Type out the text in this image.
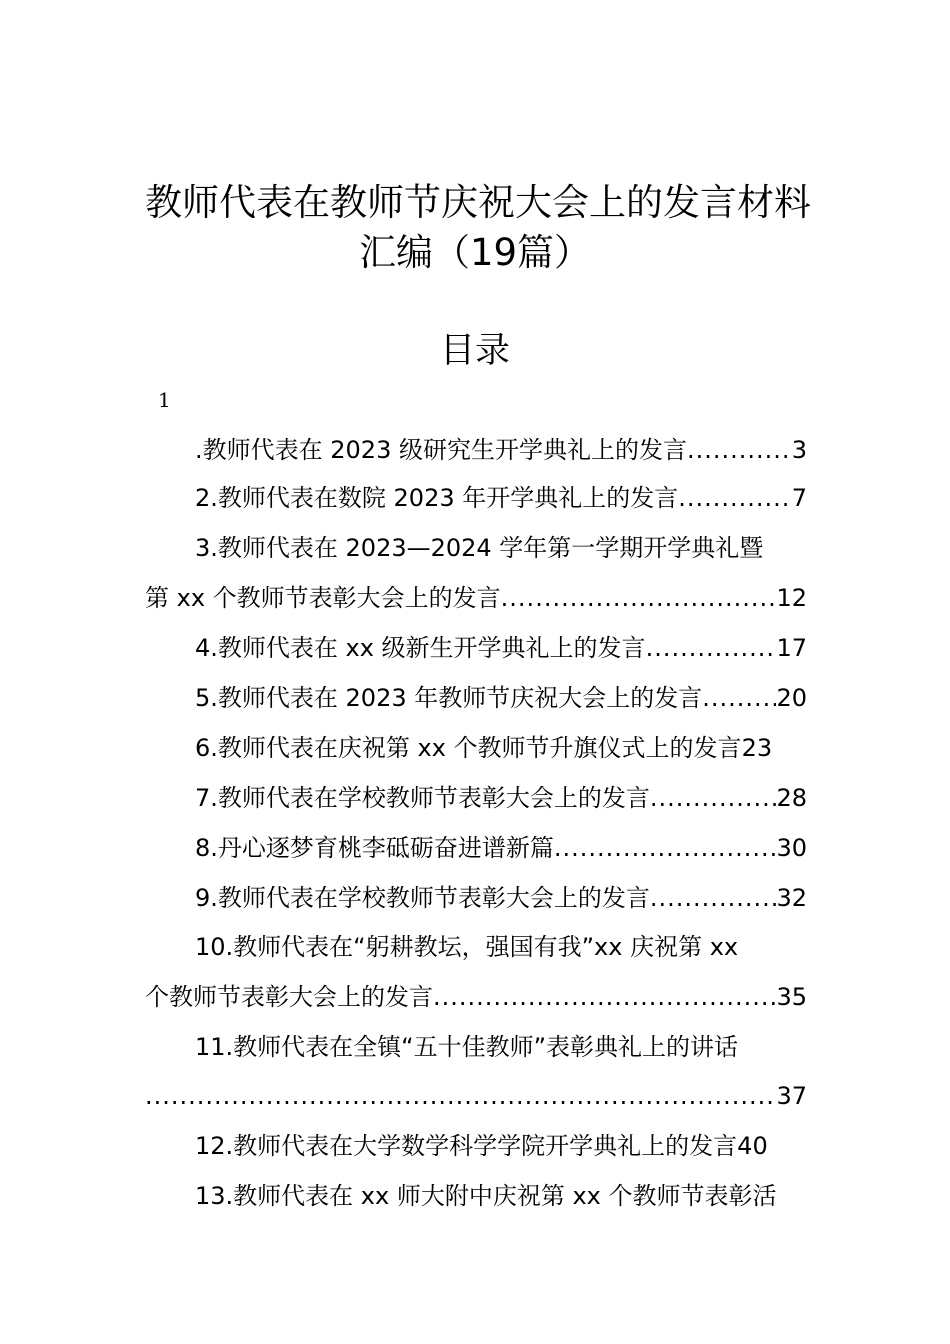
教师代表在教师节庆祝大会上的发言材料
汇编（19篇）
目录
1
.教师代表在 2023 级研究生开学典礼上的发言 .....	3
2.教师代表在数院 2023 年开学典礼上的发言 .....	7
3.教师代表在 2023—2024 学年第一学期开学典礼暨
第 xx 个教师节表彰大会上的发言 .....	12
4.教师代表在 xx 级新生开学典礼上的发言 .....	17
5.教师代表在 2023 年教师节庆祝大会上的发言 .....	20
6.教师代表在庆祝第 xx 个教师节升旗仪式上的发言 23
7.教师代表在学校教师节表彰大会上的发言 .....	28
8.丹心逐梦育桃李砥砺奋进谱新篇 .....	30
9.教师代表在学校教师节表彰大会上的发言 .....	32
10.教师代表在“躬耕教坛，强国有我”xx 庆祝第 xx
个教师节表彰大会上的发言 .....	35
11.教师代表在全镇“五十佳教师”表彰典礼上的讲话
.....
37
12.教师代表在大学数学科学学院开学典礼上的发言 40
13.教师代表在 xx 师大附中庆祝第 xx 个教师节表彰活
